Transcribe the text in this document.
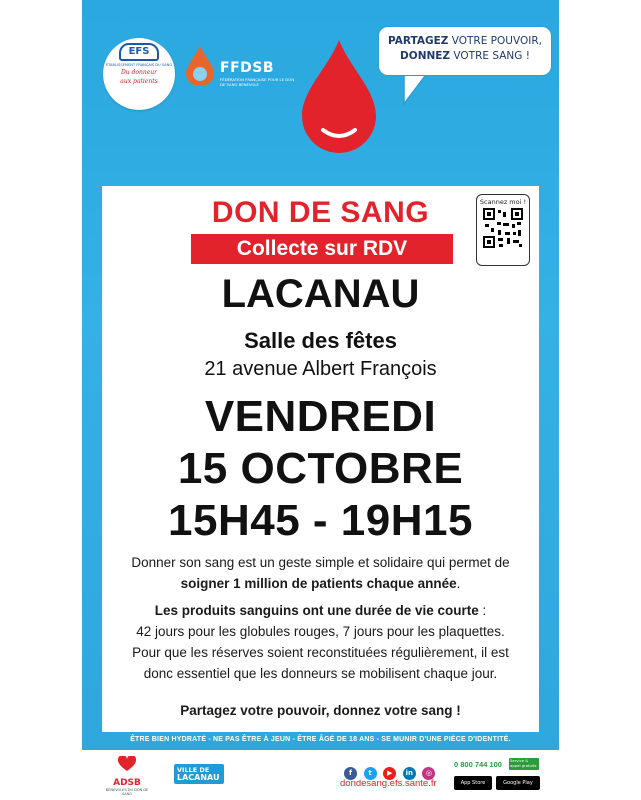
EFS
ÉTABLISSEMENT FRANÇAIS DU SANG
Du donneur
aux patients
FFDSB
FÉDÉRATION FRANÇAISE POUR LE DON DE SANG BÉNÉVOLE
PARTAGEZ VOTRE POUVOIR,
DONNEZ VOTRE SANG !
DON DE SANG
Collecte sur RDV
Scannez moi !
LACANAU
Salle des fêtes
21 avenue Albert François
VENDREDI
15 OCTOBRE
15H45 - 19H15
Donner son sang est un geste simple et solidaire qui permet de
soigner 1 million de patients chaque année.
Les produits sanguins ont une durée de vie courte :
42 jours pour les globules rouges, 7 jours pour les plaquettes.
Pour que les réserves soient reconstituées régulièrement, il est
donc essentiel que les donneurs se mobilisent chaque jour.
Partagez votre pouvoir, donnez votre sang !
ÊTRE BIEN HYDRATÉ - NE PAS ÊTRE À JEUN - ÊTRE ÂGÉ DE 18 ANS - SE MUNIR D'UNE PIÈCE D'IDENTITÉ.
ADSB
BÉNÉVOLES DU DON DE SANG
VILLE DE
LACANAU	f t ▶ in ◎
dondesang.efs.sante.fr
0 800 744 100 Service & appel gratuits
App Store	Google Play
